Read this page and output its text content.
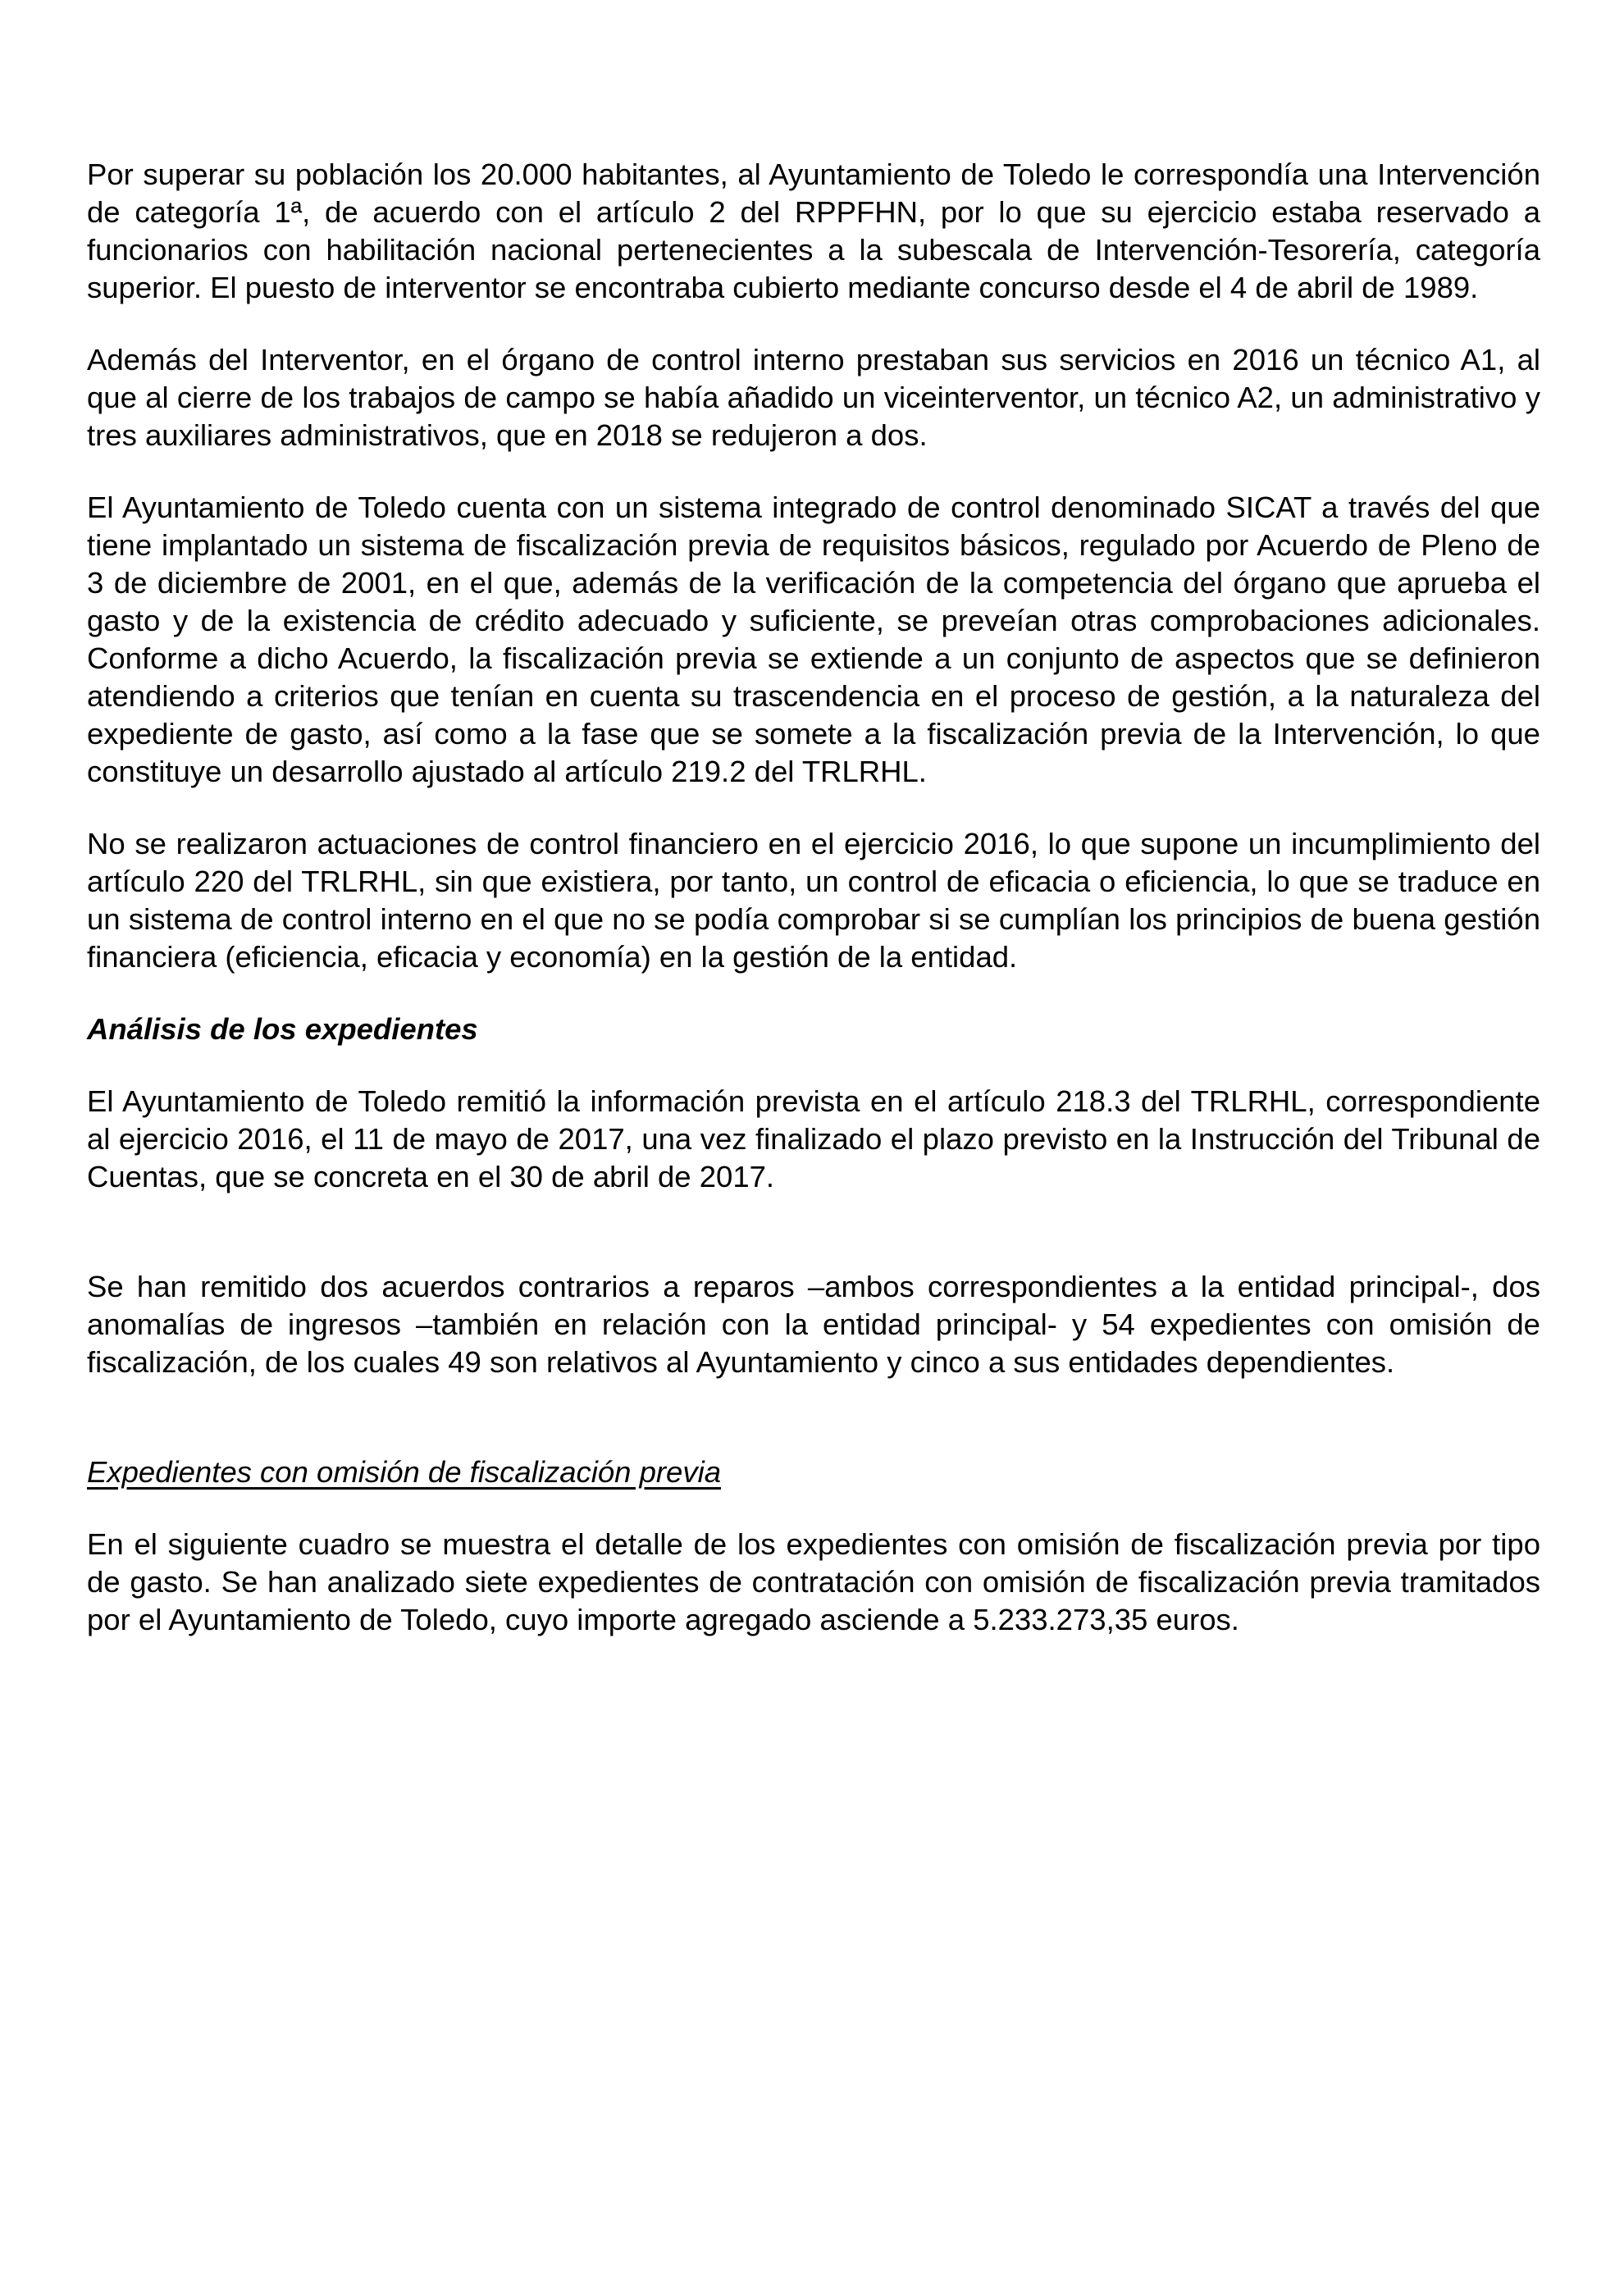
Por superar su población los 20.000 habitantes, al Ayuntamiento de Toledo le correspondía una Intervención de categoría 1ª, de acuerdo con el artículo 2 del RPPFHN, por lo que su ejercicio estaba reservado a funcionarios con habilitación nacional pertenecientes a la subescala de Intervención-Tesorería, categoría superior. El puesto de interventor se encontraba cubierto mediante concurso desde el 4 de abril de 1989.

Además del Interventor, en el órgano de control interno prestaban sus servicios en 2016 un técnico A1, al que al cierre de los trabajos de campo se había añadido un viceinterventor, un técnico A2, un administrativo y tres auxiliares administrativos, que en 2018 se redujeron a dos.

El Ayuntamiento de Toledo cuenta con un sistema integrado de control denominado SICAT a través del que tiene implantado un sistema de fiscalización previa de requisitos básicos, regulado por Acuerdo de Pleno de 3 de diciembre de 2001, en el que, además de la verificación de la competencia del órgano que aprueba el gasto y de la existencia de crédito adecuado y suficiente, se preveían otras comprobaciones adicionales. Conforme a dicho Acuerdo, la fiscalización previa se extiende a un conjunto de aspectos que se definieron atendiendo a criterios que tenían en cuenta su trascendencia en el proceso de gestión, a la naturaleza del expediente de gasto, así como a la fase que se somete a la fiscalización previa de la Intervención, lo que constituye un desarrollo ajustado al artículo 219.2 del TRLRHL.

No se realizaron actuaciones de control financiero en el ejercicio 2016, lo que supone un incumplimiento del artículo 220 del TRLRHL, sin que existiera, por tanto, un control de eficacia o eficiencia, lo que se traduce en un sistema de control interno en el que no se podía comprobar si se cumplían los principios de buena gestión financiera (eficiencia, eficacia y economía) en la gestión de la entidad.

Análisis de los expedientes

El Ayuntamiento de Toledo remitió la información prevista en el artículo 218.3 del TRLRHL, correspondiente al ejercicio 2016, el 11 de mayo de 2017, una vez finalizado el plazo previsto en la Instrucción del Tribunal de Cuentas, que se concreta en el 30 de abril de 2017.

Se han remitido dos acuerdos contrarios a reparos –ambos correspondientes a la entidad principal-, dos anomalías de ingresos –también en relación con la entidad principal- y 54 expedientes con omisión de fiscalización, de los cuales 49 son relativos al Ayuntamiento y cinco a sus entidades dependientes.

Expedientes con omisión de fiscalización previa

En el siguiente cuadro se muestra el detalle de los expedientes con omisión de fiscalización previa por tipo de gasto. Se han analizado siete expedientes de contratación con omisión de fiscalización previa tramitados por el Ayuntamiento de Toledo, cuyo importe agregado asciende a 5.233.273,35 euros.
